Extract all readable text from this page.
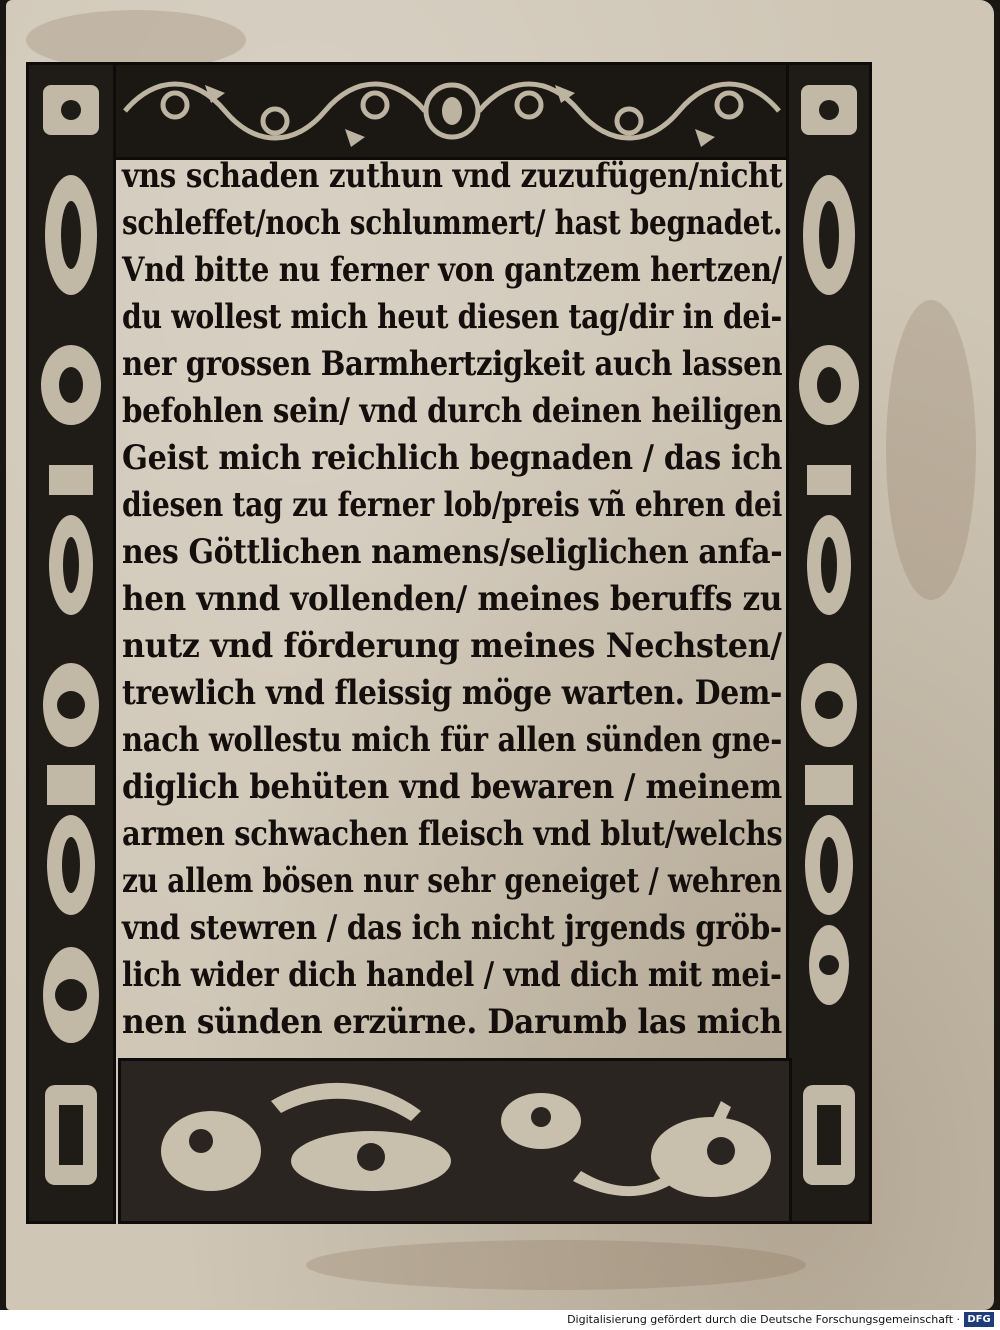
vns schaden zuthun vnd zuzufügen/nicht
schleffet/noch schlummert/ hast begnadet.
Vnd bitte nu ferner von gantzem hertzen/
du wollest mich heut diesen tag/dir in dei-
ner grossen Barmhertzigkeit auch lassen
befohlen sein/ vnd durch deinen heiligen
Geist mich reichlich begnaden / das ich
diesen tag zu ferner lob/preis vñ ehren dei
nes Göttlichen namens/seliglichen anfa-
hen vnnd vollenden/ meines beruffs zu
nutz vnd förderung meines Nechsten/
trewlich vnd fleissig möge warten. Dem-
nach wollestu mich für allen sünden gne-
diglich behüten vnd bewaren / meinem
armen schwachen fleisch vnd blut/welchs
zu allem bösen nur sehr geneiget / wehren
vnd stewren / das ich nicht jrgends gröb-
lich wider dich handel / vnd dich mit mei-
nen sünden erzürne. Darumb las mich
Digitalisierung gefördert durch die Deutsche Forschungsgemeinschaft · DFG
